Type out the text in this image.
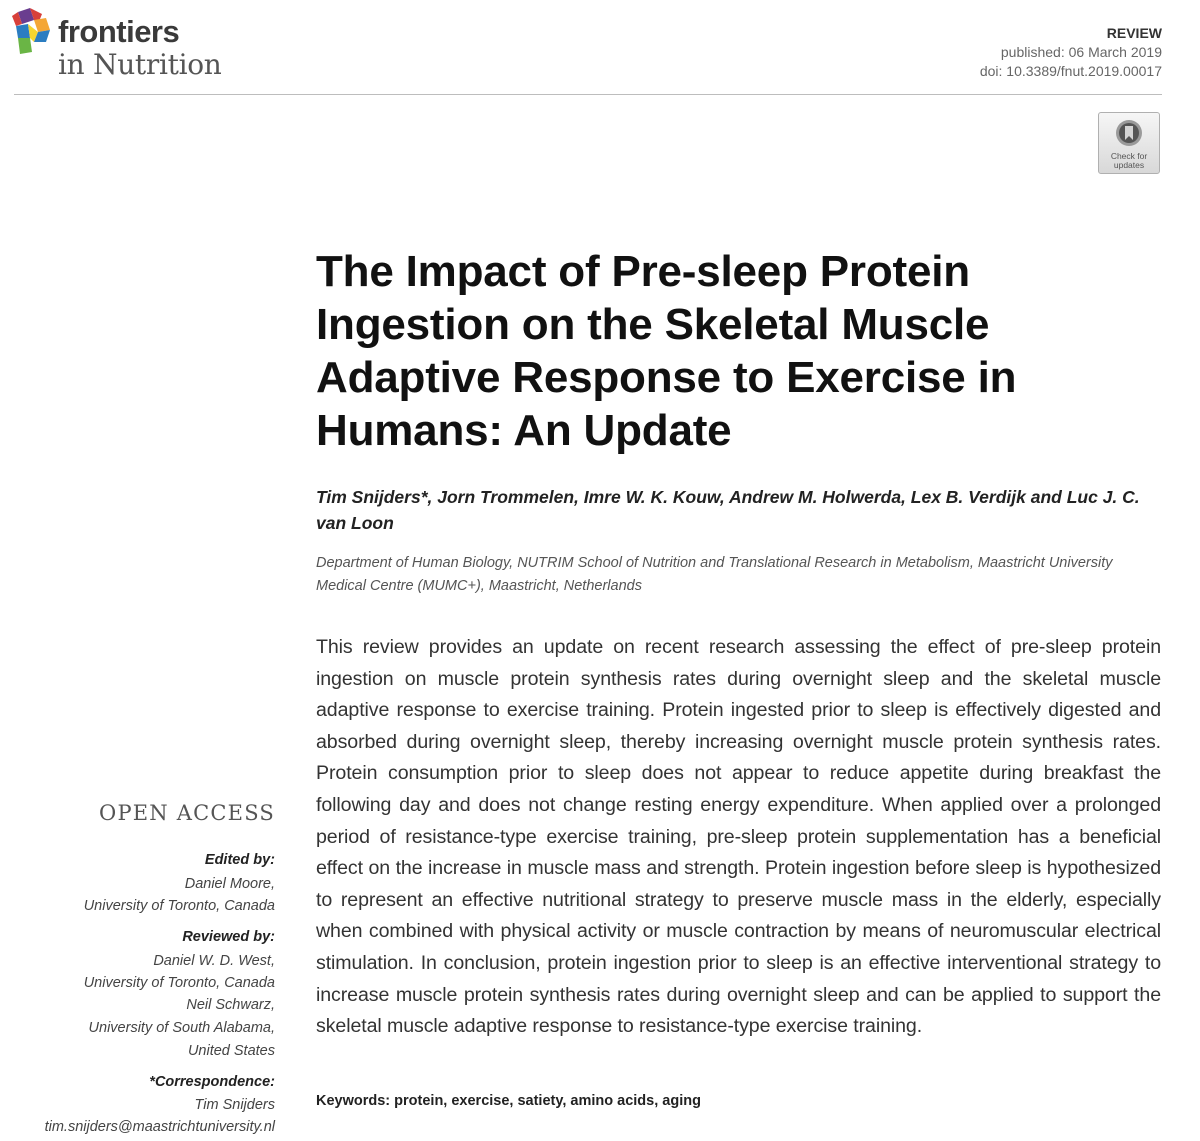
frontiers
in Nutrition
REVIEW
published: 06 March 2019
doi: 10.3389/fnut.2019.00017
Check for
updates
The Impact of Pre-sleep Protein Ingestion on the Skeletal Muscle Adaptive Response to Exercise in Humans: An Update
Tim Snijders*, Jorn Trommelen, Imre W. K. Kouw, Andrew M. Holwerda, Lex B. Verdijk and Luc J. C. van Loon
Department of Human Biology, NUTRIM School of Nutrition and Translational Research in Metabolism, Maastricht University Medical Centre (MUMC+), Maastricht, Netherlands
This review provides an update on recent research assessing the effect of pre-sleep protein ingestion on muscle protein synthesis rates during overnight sleep and the skeletal muscle adaptive response to exercise training. Protein ingested prior to sleep is effectively digested and absorbed during overnight sleep, thereby increasing overnight muscle protein synthesis rates. Protein consumption prior to sleep does not appear to reduce appetite during breakfast the following day and does not change resting energy expenditure. When applied over a prolonged period of resistance-type exercise training, pre-sleep protein supplementation has a beneficial effect on the increase in muscle mass and strength. Protein ingestion before sleep is hypothesized to represent an effective nutritional strategy to preserve muscle mass in the elderly, especially when combined with physical activity or muscle contraction by means of neuromuscular electrical stimulation. In conclusion, protein ingestion prior to sleep is an effective interventional strategy to increase muscle protein synthesis rates during overnight sleep and can be applied to support the skeletal muscle adaptive response to resistance-type exercise training.
Keywords: protein, exercise, satiety, amino acids, aging
OPEN ACCESS
Edited by:
Daniel Moore,
University of Toronto, Canada
Reviewed by:
Daniel W. D. West,
University of Toronto, Canada
Neil Schwarz,
University of South Alabama,
United States
*Correspondence:
Tim Snijders
tim.snijders@maastrichtuniversity.nl
